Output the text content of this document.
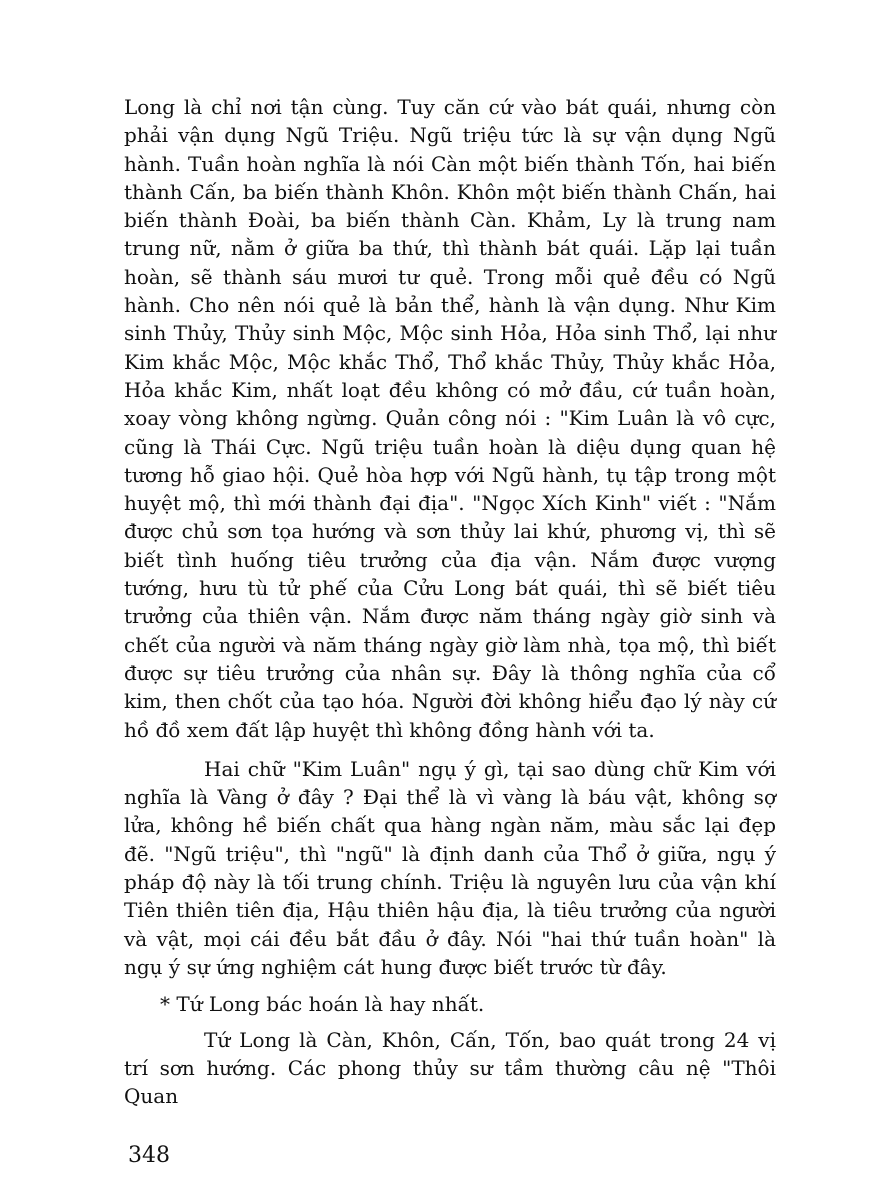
Long là chỉ nơi tận cùng. Tuy căn cứ vào bát quái, nhưng còn phải vận dụng Ngũ Triệu. Ngũ triệu tức là sự vận dụng Ngũ hành. Tuần hoàn nghĩa là nói Càn một biến thành Tốn, hai biến thành Cấn, ba biến thành Khôn. Khôn một biến thành Chấn, hai biến thành Đoài, ba biến thành Càn. Khảm, Ly là trung nam trung nữ, nằm ở giữa ba thứ, thì thành bát quái. Lặp lại tuần hoàn, sẽ thành sáu mươi tư quẻ. Trong mỗi quẻ đều có Ngũ hành. Cho nên nói quẻ là bản thể, hành là vận dụng. Như Kim sinh Thủy, Thủy sinh Mộc, Mộc sinh Hỏa, Hỏa sinh Thổ, lại như Kim khắc Mộc, Mộc khắc Thổ, Thổ khắc Thủy, Thủy khắc Hỏa, Hỏa khắc Kim, nhất loạt đều không có mở đầu, cứ tuần hoàn, xoay vòng không ngừng. Quản công nói : "Kim Luân là vô cực, cũng là Thái Cực. Ngũ triệu tuần hoàn là diệu dụng quan hệ tương hỗ giao hội. Quẻ hòa hợp với Ngũ hành, tụ tập trong một huyệt mộ, thì mới thành đại địa". "Ngọc Xích Kinh" viết : "Nắm được chủ sơn tọa hướng và sơn thủy lai khứ, phương vị, thì sẽ biết tình huống tiêu trưởng của địa vận. Nắm được vượng tướng, hưu tù tử phế của Cửu Long bát quái, thì sẽ biết tiêu trưởng của thiên vận. Nắm được năm tháng ngày giờ sinh và chết của người và năm tháng ngày giờ làm nhà, tọa mộ, thì biết được sự tiêu trưởng của nhân sự. Đây là thông nghĩa của cổ kim, then chốt của tạo hóa. Người đời không hiểu đạo lý này cứ hồ đồ xem đất lập huyệt thì không đồng hành với ta.

Hai chữ "Kim Luân" ngụ ý gì, tại sao dùng chữ Kim với nghĩa là Vàng ở đây ? Đại thể là vì vàng là báu vật, không sợ lửa, không hề biến chất qua hàng ngàn năm, màu sắc lại đẹp đẽ. "Ngũ triệu", thì "ngũ" là định danh của Thổ ở giữa, ngụ ý pháp độ này là tối trung chính. Triệu là nguyên lưu của vận khí Tiên thiên tiên địa, Hậu thiên hậu địa, là tiêu trưởng của người và vật, mọi cái đều bắt đầu ở đây. Nói "hai thứ tuần hoàn" là ngụ ý sự ứng nghiệm cát hung được biết trước từ đây.

* Tứ Long bác hoán là hay nhất.

Tứ Long là Càn, Khôn, Cấn, Tốn, bao quát trong 24 vị trí sơn hướng. Các phong thủy sư tầm thường câu nệ "Thôi Quan

348
